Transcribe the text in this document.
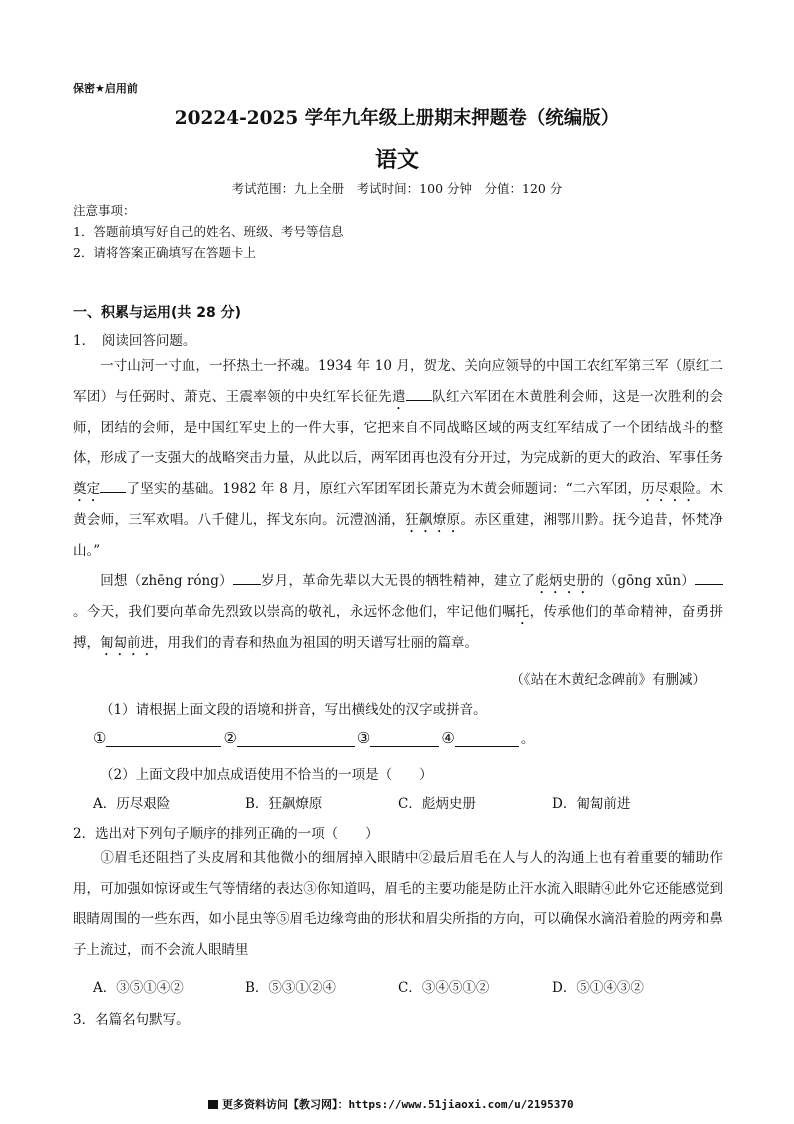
保密★启用前
20224-2025 学年九年级上册期末押题卷（统编版）
语文
考试范围：九上全册　考试时间：100 分钟　分值：120 分
注意事项：
1．答题前填写好自己的姓名、班级、考号等信息
2．请将答案正确填写在答题卡上
一、积累与运用(共 28 分)
1．　阅读回答问题。
一寸山河一寸血，一抔热土一抔魂。1934 年 10 月，贺龙、关向应领导的中国工农红军第三军（原红二军团）与任弼时、萧克、王震率领的中央红军长征先遣 队红六军团在木黄胜利会师，这是一次胜利的会师，团结的会师，是中国红军史上的一件大事，它把来自不同战略区域的两支红军结成了一个团结战斗的整体，形成了一支强大的战略突击力量，从此以后，两军团再也没有分开过，为完成新的更大的政治、军事任务奠定 了坚实的基础。1982 年 8 月，原红六军团军团长萧克为木黄会师题词：“二六军团，历尽艰险。木黄会师，三军欢唱。八千健儿，挥戈东向。沅澧汹涌，狂飙燎原。赤区重建，湘鄂川黔。抚今追昔，怀梵净山。”
回想（zhēng róng） 岁月，革命先辈以大无畏的牺牲精神，建立了彪炳史册的（gōng xūn）。今天，我们要向革命先烈致以崇高的敬礼，永远怀念他们，牢记他们嘱托，传承他们的革命精神，奋勇拼搏，匍匐前进，用我们的青春和热血为祖国的明天谱写壮丽的篇章。
（《站在木黄纪念碑前》有删减）
（1）请根据上面文段的语境和拼音，写出横线处的汉字或拼音。
①	②	③	④	。
（2）上面文段中加点成语使用不恰当的一项是（　　）
A．历尽艰险	B．狂飙燎原	C．彪炳史册	D．匍匐前进
2．选出对下列句子顺序的排列正确的一项（　　）
①眉毛还阻挡了头皮屑和其他微小的细屑掉入眼睛中②最后眉毛在人与人的沟通上也有着重要的辅助作用，可加强如惊讶或生气等情绪的表达③你知道吗，眉毛的主要功能是防止汗水流入眼睛④此外它还能感觉到眼睛周围的一些东西，如小昆虫等⑤眉毛边缘弯曲的形状和眉尖所指的方向，可以确保水滴沿着脸的两旁和鼻子上流过，而不会流人眼睛里
A．③⑤①④②	B．⑤③①②④	C．③④⑤①②	D．⑤①④③②
3．名篇名句默写。
更多资料访问【教习网】：https://www.51jiaoxi.com/u/2195370
